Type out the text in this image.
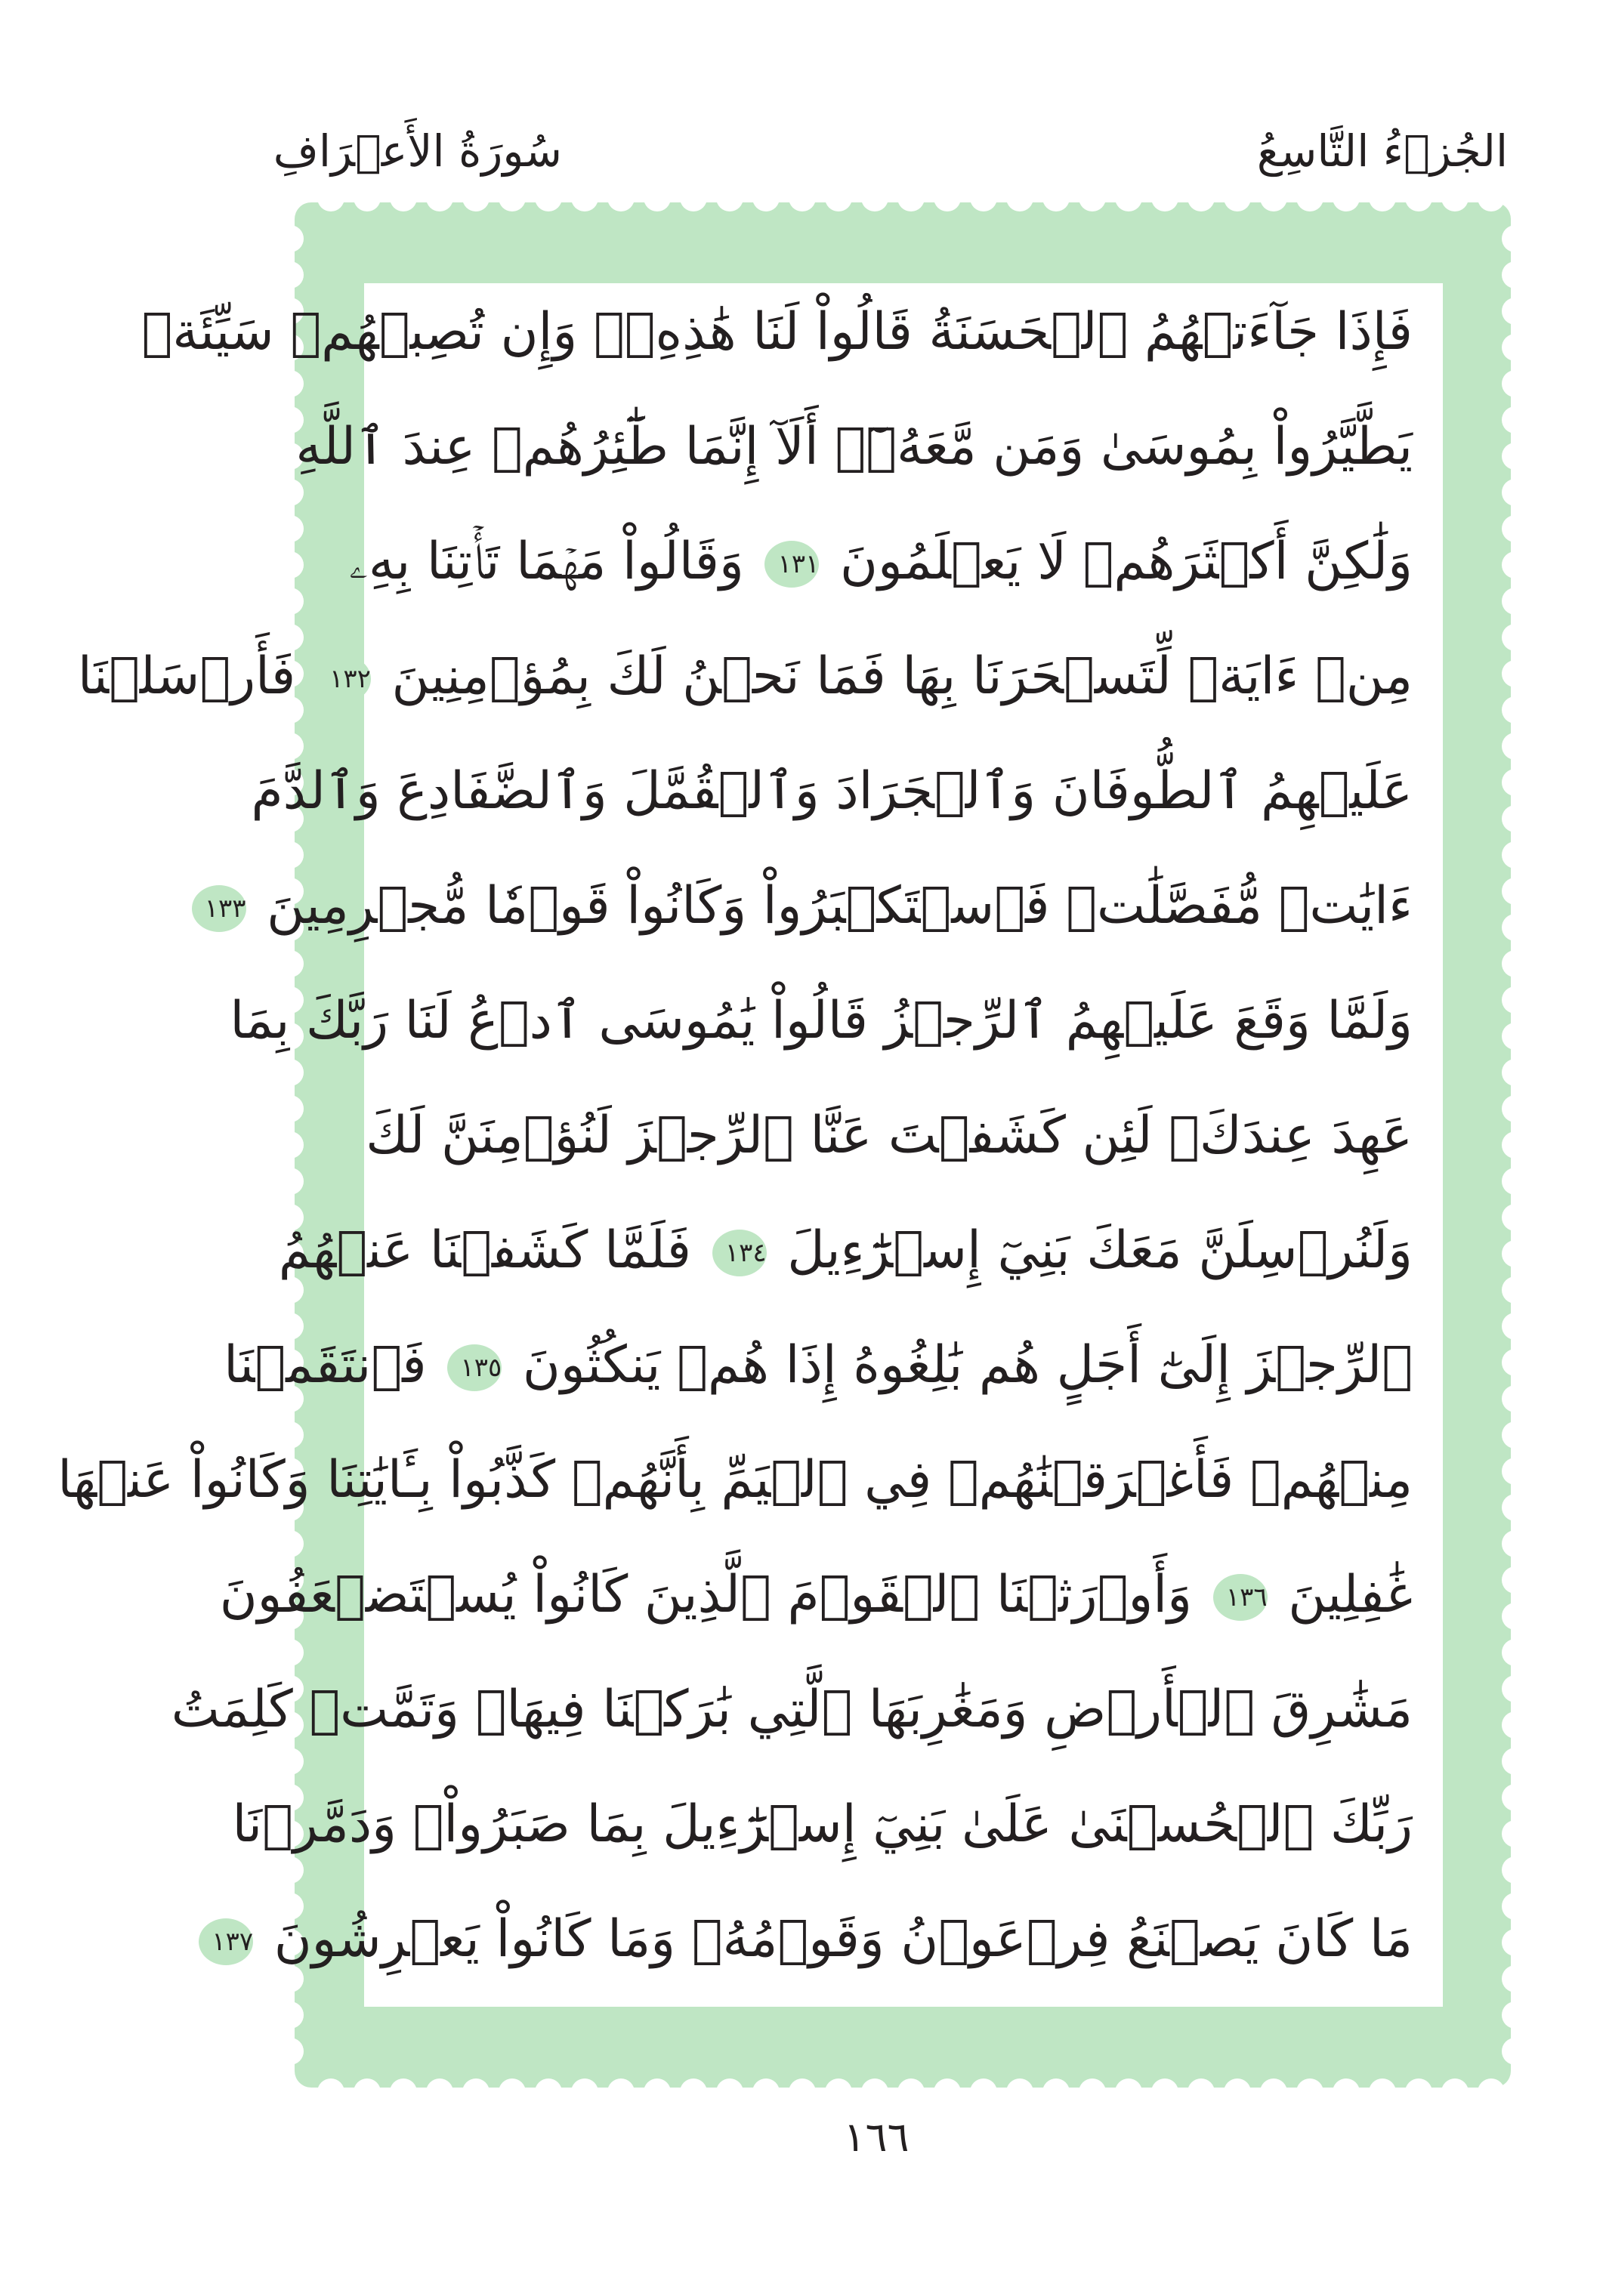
سُورَةُ الأَعۡرَافِ	الجُزۡءُ التَّاسِعُ
فَإِذَا جَآءَتۡهُمُ ٱلۡحَسَنَةُ قَالُواْ لَنَا هَٰذِهِۦۖ وَإِن تُصِبۡهُمۡ سَيِّئَةٞ
يَطَّيَّرُواْ بِمُوسَىٰ وَمَن مَّعَهُۥٓۗ أَلَآ إِنَّمَا طَٰٓئِرُهُمۡ عِندَ ٱللَّهِ
وَلَٰكِنَّ أَكۡثَرَهُمۡ لَا يَعۡلَمُونَ ١٣١ وَقَالُواْ مَهۡمَا تَأۡتِنَا بِهِۦ
مِنۡ ءَايَةٖ لِّتَسۡحَرَنَا بِهَا فَمَا نَحۡنُ لَكَ بِمُؤۡمِنِينَ ١٣٢ فَأَرۡسَلۡنَا
عَلَيۡهِمُ ٱلطُّوفَانَ وَٱلۡجَرَادَ وَٱلۡقُمَّلَ وَٱلضَّفَادِعَ وَٱلدَّمَ
ءَايَٰتٖ مُّفَصَّلَٰتٖ فَٱسۡتَكۡبَرُواْ وَكَانُواْ قَوۡمٗا مُّجۡرِمِينَ ١٣٣
وَلَمَّا وَقَعَ عَلَيۡهِمُ ٱلرِّجۡزُ قَالُواْ يَٰمُوسَى ٱدۡعُ لَنَا رَبَّكَ بِمَا
عَهِدَ عِندَكَۖ لَئِن كَشَفۡتَ عَنَّا ٱلرِّجۡزَ لَنُؤۡمِنَنَّ لَكَ
وَلَنُرۡسِلَنَّ مَعَكَ بَنِيٓ إِسۡرَٰٓءِيلَ ١٣٤ فَلَمَّا كَشَفۡنَا عَنۡهُمُ
ٱلرِّجۡزَ إِلَىٰٓ أَجَلٍ هُم بَٰلِغُوهُ إِذَا هُمۡ يَنكُثُونَ ١٣٥ فَٱنتَقَمۡنَا
مِنۡهُمۡ فَأَغۡرَقۡنَٰهُمۡ فِي ٱلۡيَمِّ بِأَنَّهُمۡ كَذَّبُواْ بِـَٔايَٰتِنَا وَكَانُواْ عَنۡهَا
غَٰفِلِينَ ١٣٦ وَأَوۡرَثۡنَا ٱلۡقَوۡمَ ٱلَّذِينَ كَانُواْ يُسۡتَضۡعَفُونَ
مَشَٰرِقَ ٱلۡأَرۡضِ وَمَغَٰرِبَهَا ٱلَّتِي بَٰرَكۡنَا فِيهَاۖ وَتَمَّتۡ كَلِمَتُ
رَبِّكَ ٱلۡحُسۡنَىٰ عَلَىٰ بَنِيٓ إِسۡرَٰٓءِيلَ بِمَا صَبَرُواْۖ وَدَمَّرۡنَا
مَا كَانَ يَصۡنَعُ فِرۡعَوۡنُ وَقَوۡمُهُۥ وَمَا كَانُواْ يَعۡرِشُونَ ١٣٧
١٦٦
